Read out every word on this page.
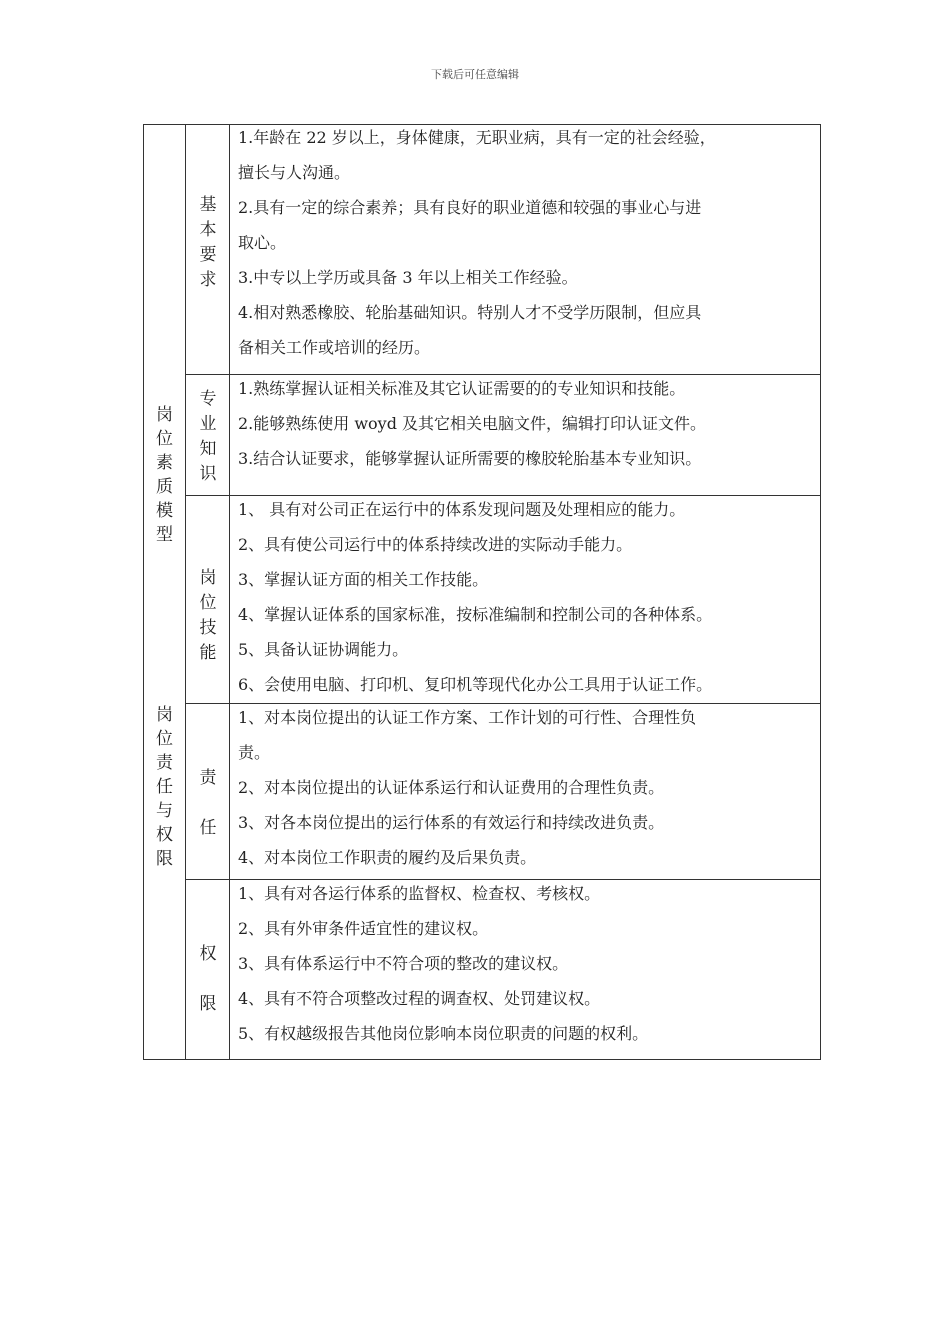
下载后可任意编辑
岗
位
素
质
模
型
岗
位
责
任
与
权
限
基
本
要
求

1.年龄在 22 岁以上，身体健康，无职业病，具有一定的社会经验，

擅长与人沟通。

2.具有一定的综合素养；具有良好的职业道德和较强的事业心与进

取心。

3.中专以上学历或具备 3 年以上相关工作经验。

4.相对熟悉橡胶、轮胎基础知识。特别人才不受学历限制，但应具

备相关工作或培训的经历。

专
业
知
识

1.熟练掌握认证相关标准及其它认证需要的的专业知识和技能。

2.能够熟练使用 woyd 及其它相关电脑文件，编辑打印认证文件。

3.结合认证要求，能够掌握认证所需要的橡胶轮胎基本专业知识。

岗
位
技
能

1、 具有对公司正在运行中的体系发现问题及处理相应的能力。

2、具有使公司运行中的体系持续改进的实际动手能力。

3、掌握认证方面的相关工作技能。

4、掌握认证体系的国家标准，按标准编制和控制公司的各种体系。

5、具备认证协调能力。

6、会使用电脑、打印机、复印机等现代化办公工具用于认证工作。

责
任

1、对本岗位提出的认证工作方案、工作计划的可行性、合理性负

责。

2、对本岗位提出的认证体系运行和认证费用的合理性负责。

3、对各本岗位提出的运行体系的有效运行和持续改进负责。

4、对本岗位工作职责的履约及后果负责。

权
限

1、具有对各运行体系的监督权、检查权、考核权。

2、具有外审条件适宜性的建议权。

3、具有体系运行中不符合项的整改的建议权。

4、具有不符合项整改过程的调查权、处罚建议权。

5、有权越级报告其他岗位影响本岗位职责的问题的权利。
